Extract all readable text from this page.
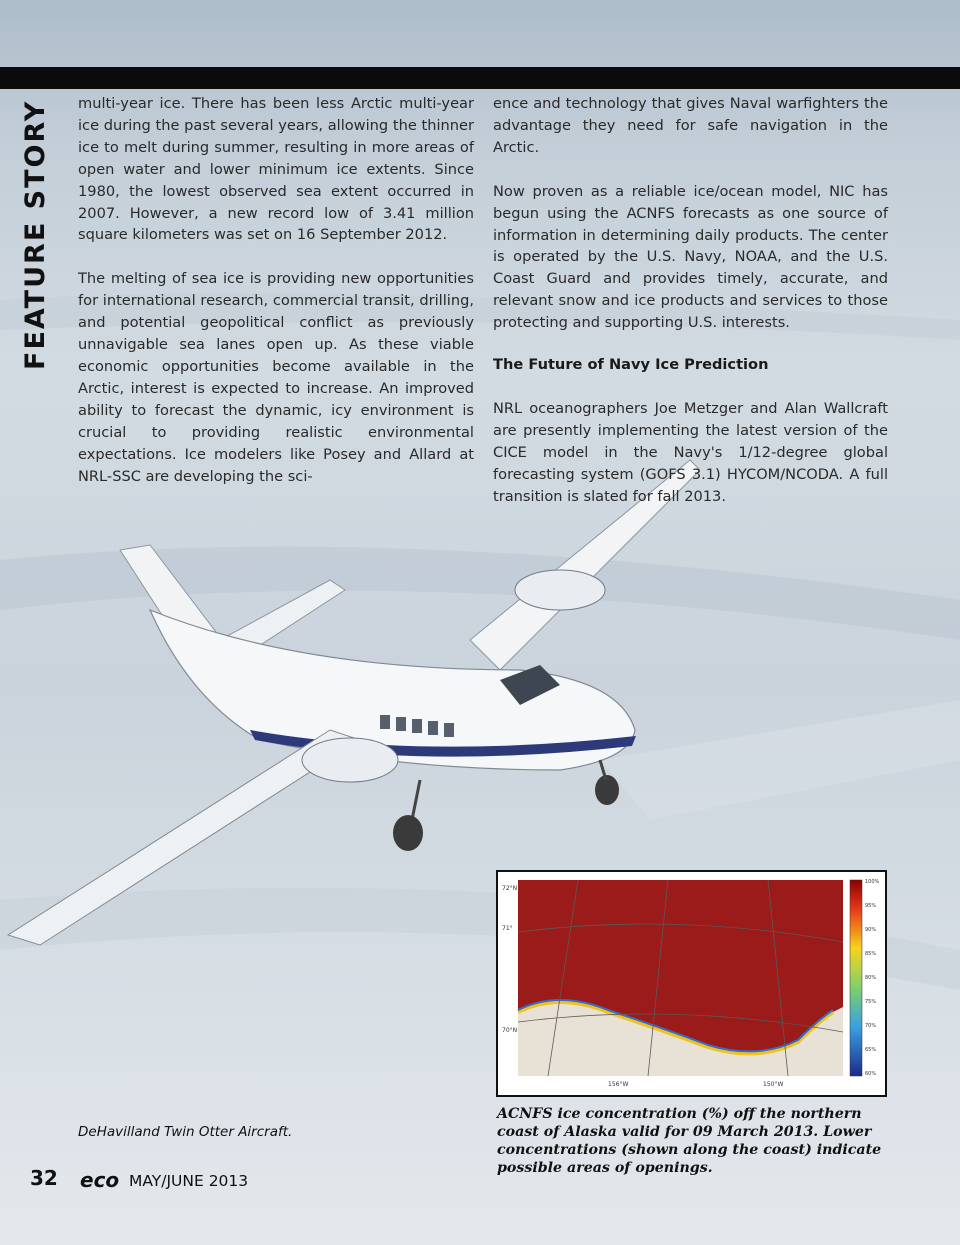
FEATURE STORY multi-year ice. There has been less Arctic multi-year ice during the past several years, allowing the thinner ice to melt during summer, resulting in more areas of open water and lower minimum ice extents. Since 1980, the lowest observed sea extent occurred in 2007. However, a new record low of 3.41 million square kilometers was set on 16 September 2012.

The melting of sea ice is providing new opportunities for international research, commercial transit, drilling, and potential geopolitical conflict as previously unnavigable sea lanes open up. As these viable economic opportunities become available in the Arctic, interest is expected to increase. An improved ability to forecast the dynamic, icy environment is crucial to providing realistic environmental expectations. Ice modelers like Posey and Allard at NRL-SSC are developing the sci-

ence and technology that gives Naval warfighters the advantage they need for safe navigation in the Arctic.

Now proven as a reliable ice/ocean model, NIC has begun using the ACNFS forecasts as one source of information in determining daily products. The center is operated by the U.S. Navy, NOAA, and the U.S. Coast Guard and provides timely, accurate, and relevant snow and ice products and services to those protecting and supporting U.S. interests.

The Future of Navy Ice Prediction

NRL oceanographers Joe Metzger and Alan Wallcraft are presently implementing the latest version of the CICE model in the Navy's 1/12-degree global forecasting system (GOFS 3.1) HYCOM/NCODA. A full transition is slated for fall 2013.

72°N
71°
70°N
156°W	150°W
100%
95%
90%
85%
80%
75%
70%
65%
60%
DeHavilland Twin Otter Aircraft.
ACNFS ice concentration (%) off the northern coast of Alaska valid for 09 March 2013. Lower concentrations (shown along the coast) indicate possible areas of openings.
32 eco MAY/JUNE 2013
